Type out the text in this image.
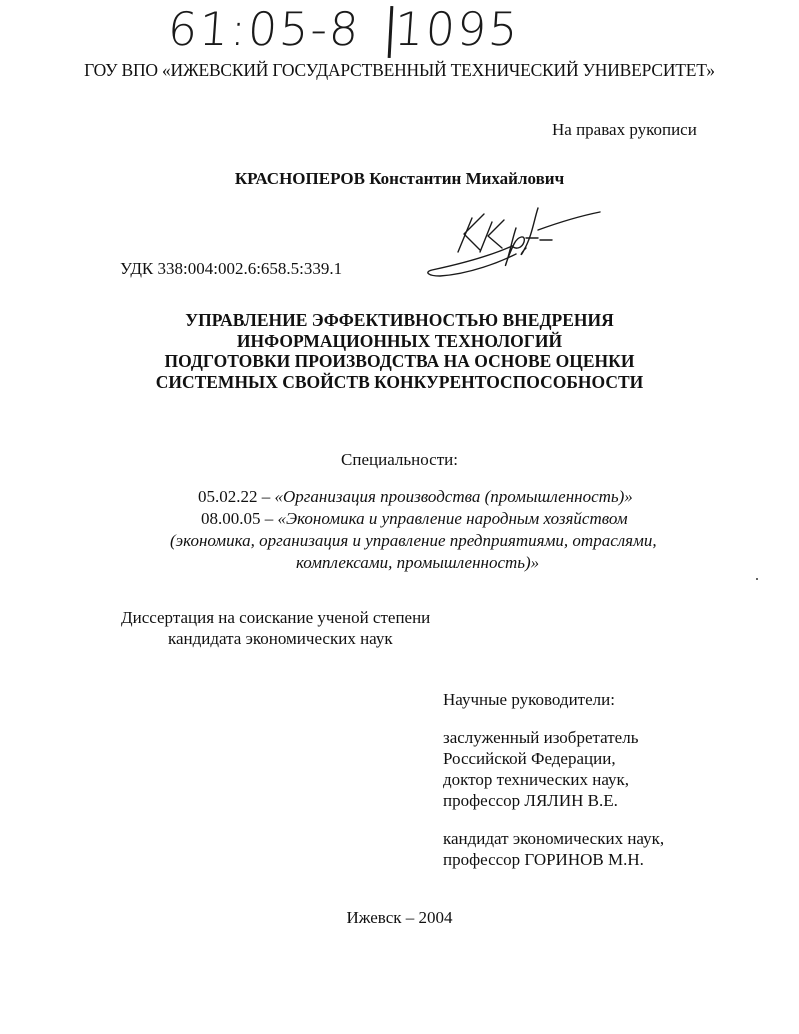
61:05-8 1095
ГОУ ВПО «ИЖЕВСКИЙ ГОСУДАРСТВЕННЫЙ ТЕХНИЧЕСКИЙ УНИВЕРСИТЕТ»
На правах рукописи
КРАСНОПЕРОВ Константин Михайлович
УДК 338:004:002.6:658.5:339.1
УПРАВЛЕНИЕ ЭФФЕКТИВНОСТЬЮ ВНЕДРЕНИЯ
ИНФОРМАЦИОННЫХ ТЕХНОЛОГИЙ
ПОДГОТОВКИ ПРОИЗВОДСТВА НА ОСНОВЕ ОЦЕНКИ
СИСТЕМНЫХ СВОЙСТВ КОНКУРЕНТОСПОСОБНОСТИ
Специальности:
05.02.22 – «Организация производства (промышленность)»
08.00.05 – «Экономика и управление народным хозяйством
(экономика, организация и управление предприятиями, отраслями,
комплексами, промышленность)»
Диссертация на соискание ученой степени
кандидата экономических наук
Научные руководители:
заслуженный изобретатель
Российской Федерации,
доктор технических наук,
профессор ЛЯЛИН В.Е.
кандидат экономических наук,
профессор ГОРИНОВ М.Н.
Ижевск – 2004
